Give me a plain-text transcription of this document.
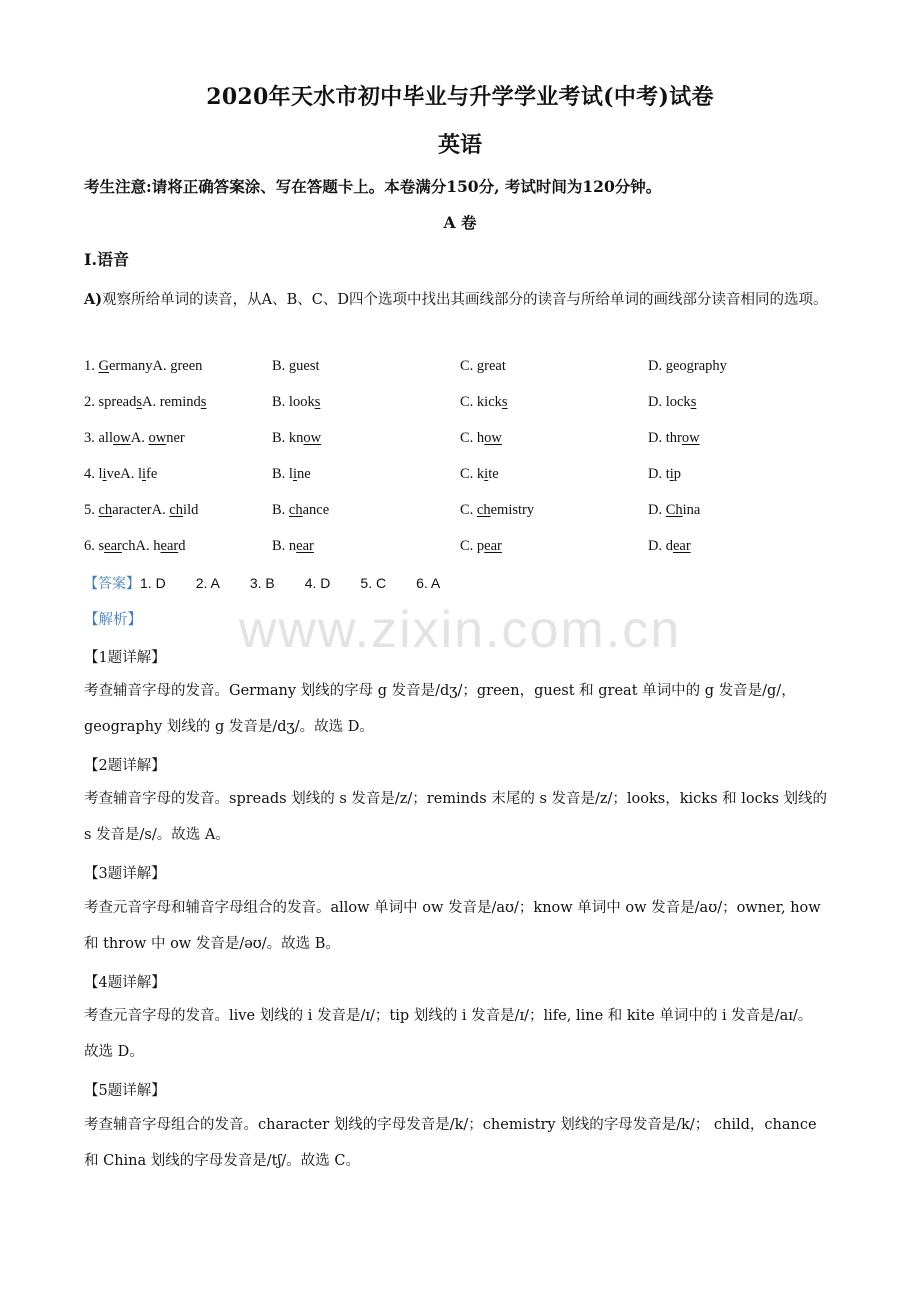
www.zixin.com.cn
2020年天水市初中毕业与升学学业考试(中考)试卷
英语
考生注意:请将正确答案涂、写在答题卡上。本卷满分150分, 考试时间为120分钟。
A 卷
I.语音
A)观察所给单词的读音，从A、B、C、D四个选项中找出其画线部分的读音与所给单词的画线部分读音相同的选项。
1. GermanyA. green	B. guest	C. great	D. geography
2. spreadsA. reminds	B. looks	C. kicks	D. locks
3. allowA. owner	B. know	C. how	D. throw
4. liveA. life	B. line	C. kite	D. tip
5. characterA. child	B. chance	C. chemistry	D. China
6. searchA. heard	B. near	C. pear	D. dear
【答案】1. D 2. A 3. B 4. D 5. C 6. A
【解析】
【1题详解】
考查辅音字母的发音。Germany 划线的字母 g 发音是/dʒ/；green，guest 和 great 单词中的 g 发音是/g/，
geography 划线的 g 发音是/dʒ/。故选 D。
【2题详解】
考查辅音字母的发音。spreads 划线的 s 发音是/z/；reminds 末尾的 s 发音是/z/；looks，kicks 和 locks 划线的
s 发音是/s/。故选 A。
【3题详解】
考查元音字母和辅音字母组合的发音。allow 单词中 ow 发音是/aʊ/；know 单词中 ow 发音是/aʊ/；owner, how
和 throw 中 ow 发音是/əʊ/。故选 B。
【4题详解】
考查元音字母的发音。live 划线的 i 发音是/ɪ/；tip 划线的 i 发音是/ɪ/；life, line 和 kite 单词中的 i 发音是/aɪ/。
故选 D。
【5题详解】
考查辅音字母组合的发音。character 划线的字母发音是/k/；chemistry 划线的字母发音是/k/； child，chance
和 China 划线的字母发音是/tʃ/。故选 C。
